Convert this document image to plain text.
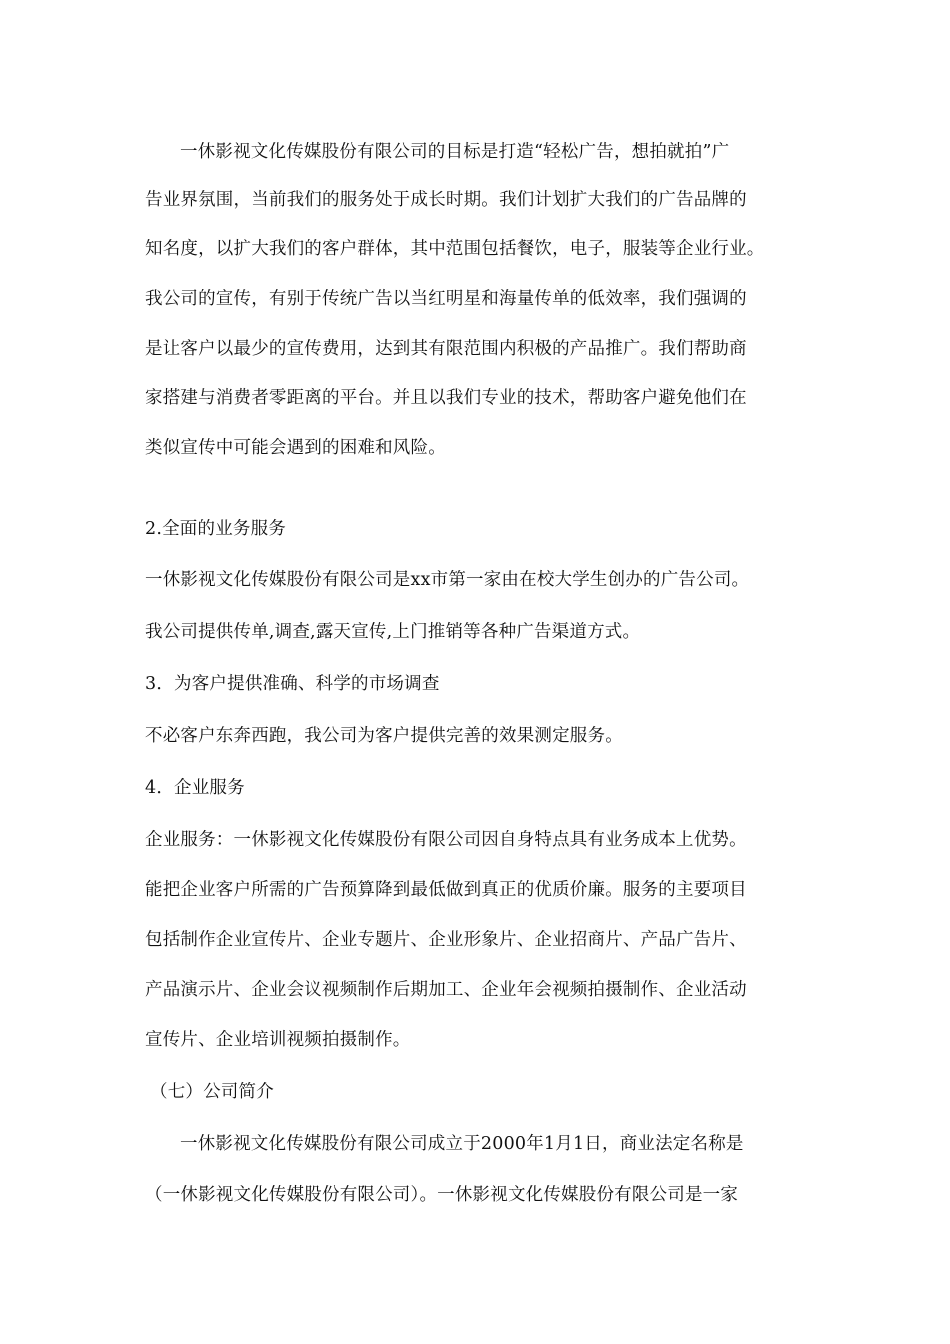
一休影视文化传媒股份有限公司的目标是打造“轻松广告，想拍就拍”广
告业界氛围，当前我们的服务处于成长时期。我们计划扩大我们的广告品牌的
知名度，以扩大我们的客户群体，其中范围包括餐饮，电子，服装等企业行业。
我公司的宣传，有别于传统广告以当红明星和海量传单的低效率，我们强调的
是让客户以最少的宣传费用，达到其有限范围内积极的产品推广。我们帮助商
家搭建与消费者零距离的平台。并且以我们专业的技术，帮助客户避免他们在
类似宣传中可能会遇到的困难和风险。
2.全面的业务服务
一休影视文化传媒股份有限公司是xx市第一家由在校大学生创办的广告公司。
我公司提供传单,调查,露天宣传,上门推销等各种广告渠道方式。
3．为客户提供准确、科学的市场调查
不必客户东奔西跑，我公司为客户提供完善的效果测定服务。
4．企业服务
企业服务：一休影视文化传媒股份有限公司因自身特点具有业务成本上优势。
能把企业客户所需的广告预算降到最低做到真正的优质价廉。服务的主要项目
包括制作企业宣传片、企业专题片、企业形象片、企业招商片、产品广告片、
产品演示片、企业会议视频制作后期加工、企业年会视频拍摄制作、企业活动
宣传片、企业培训视频拍摄制作。
（七）公司简介
一休影视文化传媒股份有限公司成立于2000年1月1日，商业法定名称是
（一休影视文化传媒股份有限公司）。一休影视文化传媒股份有限公司是一家
